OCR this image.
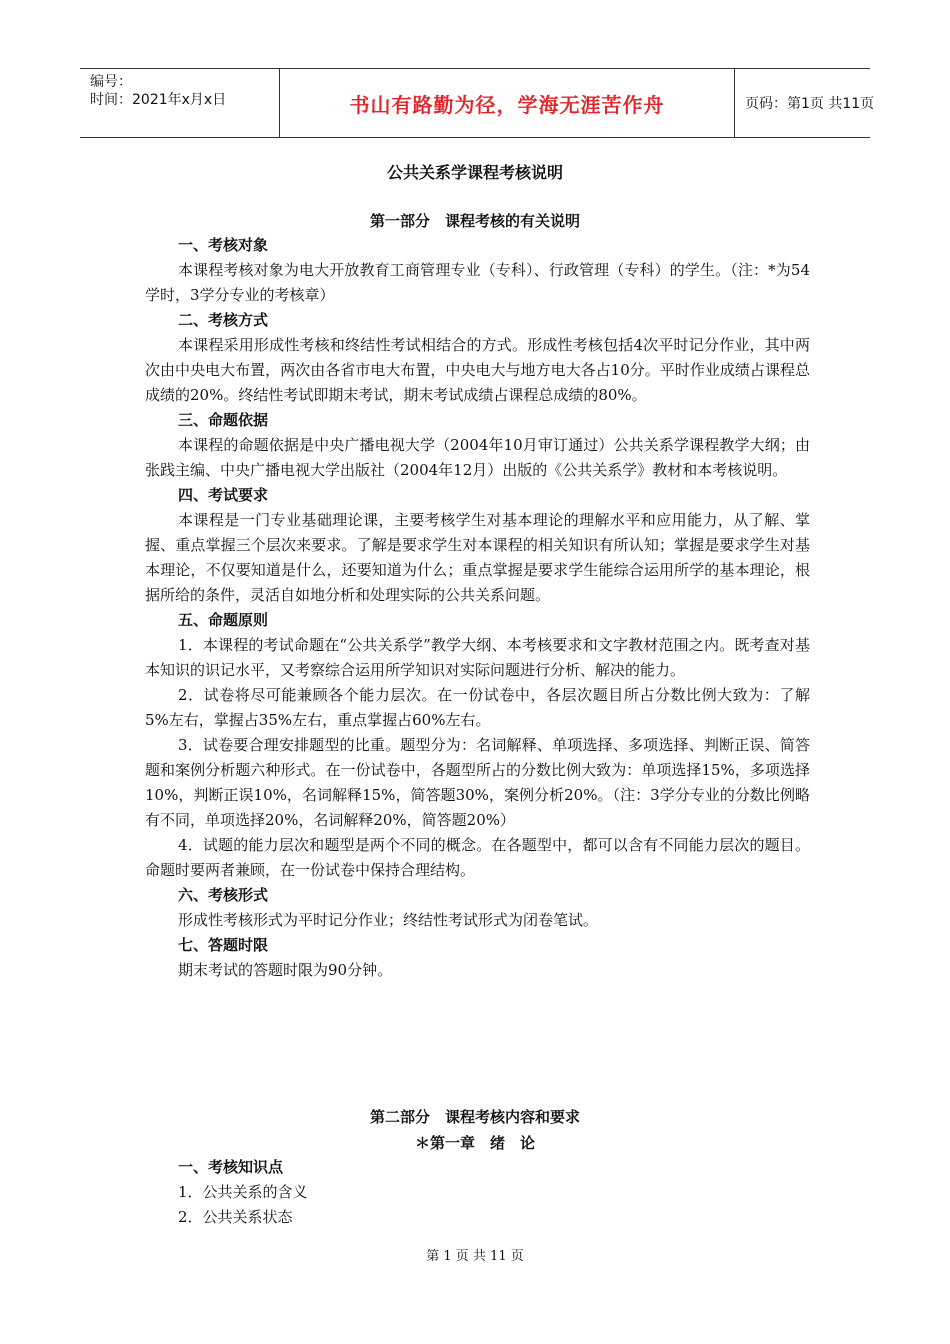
编号：
时间：2021年x月x日	书山有路勤为径，学海无涯苦作舟	页码：第1页 共11页
公共关系学课程考核说明
第一部分　课程考核的有关说明

一、考核对象

本课程考核对象为电大开放教育工商管理专业（专科）、行政管理（专科）的学生。（注：*为54学时，3学分专业的考核章）

二、考核方式

本课程采用形成性考核和终结性考试相结合的方式。形成性考核包括4次平时记分作业，其中两次由中央电大布置，两次由各省市电大布置，中央电大与地方电大各占10分。平时作业成绩占课程总成绩的20%。终结性考试即期末考试，期末考试成绩占课程总成绩的80%。

三、命题依据

本课程的命题依据是中央广播电视大学（2004年10月审订通过）公共关系学课程教学大纲；由张践主编、中央广播电视大学出版社（2004年12月）出版的《公共关系学》教材和本考核说明。

四、考试要求

本课程是一门专业基础理论课，主要考核学生对基本理论的理解水平和应用能力，从了解、掌握、重点掌握三个层次来要求。了解是要求学生对本课程的相关知识有所认知；掌握是要求学生对基本理论，不仅要知道是什么，还要知道为什么；重点掌握是要求学生能综合运用所学的基本理论，根据所给的条件，灵活自如地分析和处理实际的公共关系问题。

五、命题原则

1．本课程的考试命题在“公共关系学”教学大纲、本考核要求和文字教材范围之内。既考查对基本知识的识记水平，又考察综合运用所学知识对实际问题进行分析、解决的能力。

2．试卷将尽可能兼顾各个能力层次。在一份试卷中，各层次题目所占分数比例大致为：了解5%左右，掌握占35%左右，重点掌握占60%左右。

3．试卷要合理安排题型的比重。题型分为：名词解释、单项选择、多项选择、判断正误、简答题和案例分析题六种形式。在一份试卷中，各题型所占的分数比例大致为：单项选择15%，多项选择10%，判断正误10%，名词解释15%，简答题30%，案例分析20%。（注：3学分专业的分数比例略有不同，单项选择20%，名词解释20%，简答题20%）

4．试题的能力层次和题型是两个不同的概念。在各题型中，都可以含有不同能力层次的题目。命题时要两者兼顾，在一份试卷中保持合理结构。

六、考核形式

形成性考核形式为平时记分作业；终结性考试形式为闭卷笔试。

七、答题时限

期末考试的答题时限为90分钟。

第二部分　课程考核内容和要求
＊第一章　绪　论

一、考核知识点

1．公共关系的含义

2．公共关系状态

第 1 页 共 11 页
